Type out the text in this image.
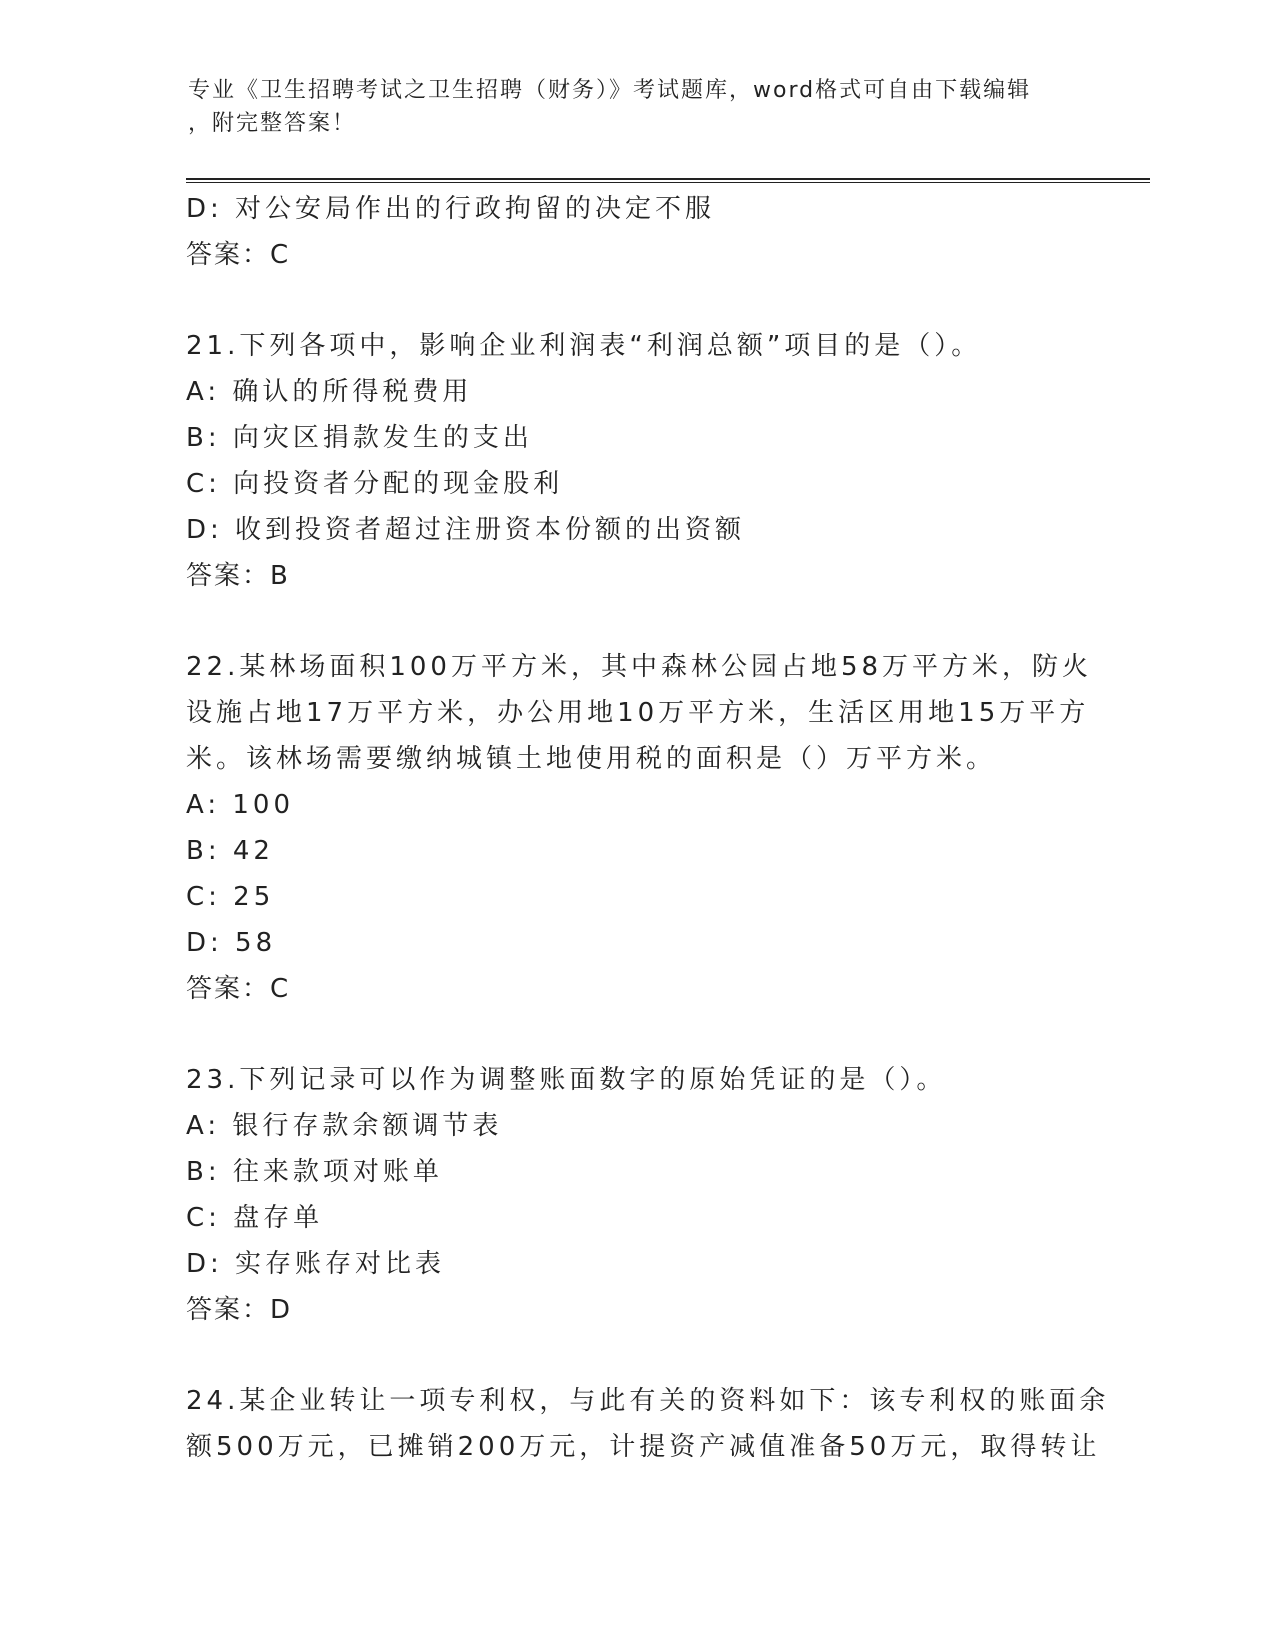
专业《卫生招聘考试之卫生招聘（财务）》考试题库，word格式可自由下载编辑
，附完整答案！
D: 对公安局作出的行政拘留的决定不服
答案：C
21.下列各项中，影响企业利润表“利润总额”项目的是（）。
A: 确认的所得税费用
B: 向灾区捐款发生的支出
C: 向投资者分配的现金股利
D: 收到投资者超过注册资本份额的出资额
答案：B
22.某林场面积100万平方米，其中森林公园占地58万平方米，防火
设施占地17万平方米，办公用地10万平方米，生活区用地15万平方
米。该林场需要缴纳城镇土地使用税的面积是（）万平方米。
A: 100
B: 42
C: 25
D: 58
答案：C
23.下列记录可以作为调整账面数字的原始凭证的是（）。
A: 银行存款余额调节表
B: 往来款项对账单
C: 盘存单
D: 实存账存对比表
答案：D
24.某企业转让一项专利权，与此有关的资料如下：该专利权的账面余
额500万元，已摊销200万元，计提资产减值准备50万元，取得转让
